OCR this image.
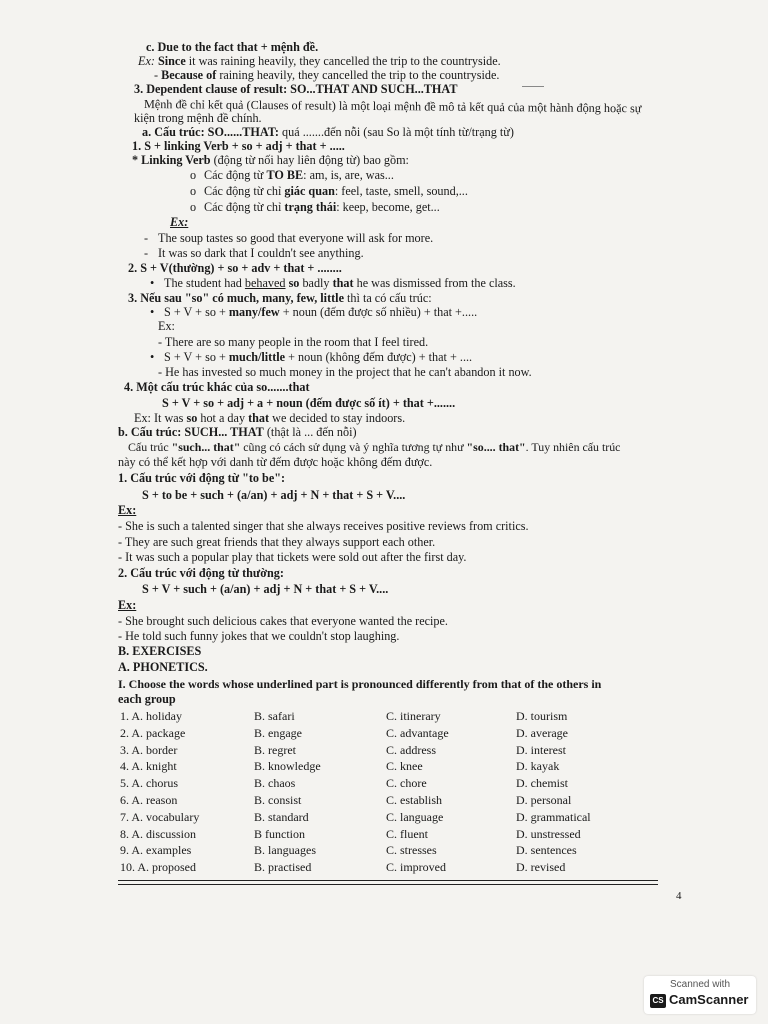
c. Due to the fact that + mệnh đề.
Ex: Since it was raining heavily, they cancelled the trip to the countryside.
- Because of raining heavily, they cancelled the trip to the countryside.
3. Dependent clause of result: SO...THAT AND SUCH...THAT
Mệnh đề chỉ kết quả (Clauses of result) là một loại mệnh đề mô tả kết quả của một hành động hoặc sự
kiện trong mệnh đề chính.
a. Cấu trúc: SO......THAT: quá .......đến nỗi (sau So là một tính từ/trạng từ)
1. S + linking Verb + so + adj + that + .....
* Linking Verb (động từ nối hay liên động từ) bao gồm:
o Các động từ TO BE: am, is, are, was...
o Các động từ chỉ giác quan: feel, taste, smell, sound,...
o Các động từ chỉ trạng thái: keep, become, get...
Ex:
- The soup tastes so good that everyone will ask for more.
- It was so dark that I couldn't see anything.
2. S + V(thường) + so + adv + that + ........
• The student had behaved so badly that he was dismissed from the class.
3. Nếu sau "so" có much, many, few, little thì ta có cấu trúc:
• S + V + so + many/few + noun (đếm được số nhiều) + that +.....
Ex:
- There are so many people in the room that I feel tired.
• S + V + so + much/little + noun (không đếm được) + that + ....
- He has invested so much money in the project that he can't abandon it now.
4. Một cấu trúc khác của so.......that
S + V + so + adj + a + noun (đếm được số ít) + that +.......
Ex: It was so hot a day that we decided to stay indoors.
b. Cấu trúc: SUCH... THAT (thật là ... đến nỗi)
Cấu trúc "such... that" cũng có cách sử dụng và ý nghĩa tương tự như "so.... that". Tuy nhiên cấu trúc
này có thể kết hợp với danh từ đếm được hoặc không đếm được.
1. Cấu trúc với động từ "to be":
S + to be + such + (a/an) + adj + N + that + S + V....
Ex:
- She is such a talented singer that she always receives positive reviews from critics.
- They are such great friends that they always support each other.
- It was such a popular play that tickets were sold out after the first day.
2. Cấu trúc với động từ thường:
S + V + such + (a/an) + adj + N + that + S + V....
Ex:
- She brought such delicious cakes that everyone wanted the recipe.
- He told such funny jokes that we couldn't stop laughing.
B. EXERCISES
A. PHONETICS.
I. Choose the words whose underlined part is pronounced differently from that of the others in
each group
1. A. holiday	B. safari	C. itinerary	D. tourism
2. A. package	B. engage	C. advantage	D. average
3. A. border	B. regret	C. address	D. interest
4. A. knight	B. knowledge	C. knee	D. kayak
5. A. chorus	B. chaos	C. chore	D. chemist
6. A. reason	B. consist	C. establish	D. personal
7. A. vocabulary	B. standard	C. language	D. grammatical
8. A. discussion	B function	C. fluent	D. unstressed
9. A. examples	B. languages	C. stresses	D. sentences
10. A. proposed	B. practised	C. improved	D. revised
4
Scanned with
CS CamScanner
